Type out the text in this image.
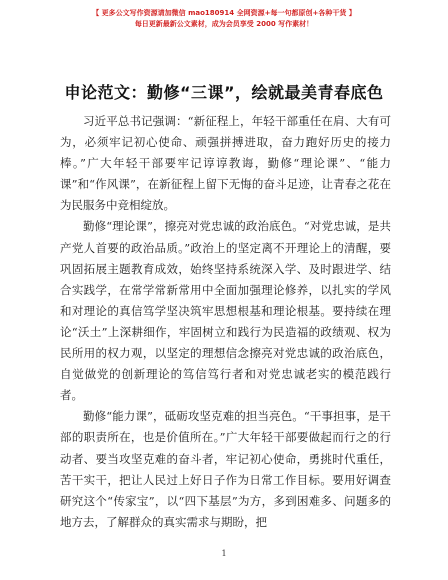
【 更多公文写作资源请加微信 mao180914 全网资源+每一句都原创+各种干货 】
每日更新最新公文素材，成为会员享受 2000 写作素材！
申论范文：勤修“三课”，绘就最美青春底色

习近平总书记强调：“新征程上，年轻干部重任在肩、大有可为，必须牢记初心使命、顽强拼搏进取，奋力跑好历史的接力棒。”广大年轻干部要牢记谆谆教诲，勤修“理论课”、“能力课”和“作风课”，在新征程上留下无悔的奋斗足迹，让青春之花在为民服务中竞相绽放。

勤修“理论课”，擦亮对党忠诚的政治底色。“对党忠诚，是共产党人首要的政治品质。”政治上的坚定离不开理论上的清醒，要巩固拓展主题教育成效，始终坚持系统深入学、及时跟进学、结合实践学，在常学常新常用中全面加强理论修养，以扎实的学风和对理论的真信笃学坚决筑牢思想根基和理论根基。要持续在理论“沃土”上深耕细作，牢固树立和践行为民造福的政绩观、权为民所用的权力观，以坚定的理想信念擦亮对党忠诚的政治底色，自觉做党的创新理论的笃信笃行者和对党忠诚老实的模范践行者。

勤修“能力课”，砥砺攻坚克难的担当亮色。“干事担事，是干部的职责所在，也是价值所在。”广大年轻干部要做起而行之的行动者、要当攻坚克难的奋斗者，牢记初心使命，勇挑时代重任，苦干实干，把让人民过上好日子作为日常工作目标。要用好调查研究这个“传家宝”，以“四下基层”为方，多到困难多、问题多的地方去，了解群众的真实需求与期盼，把

1
